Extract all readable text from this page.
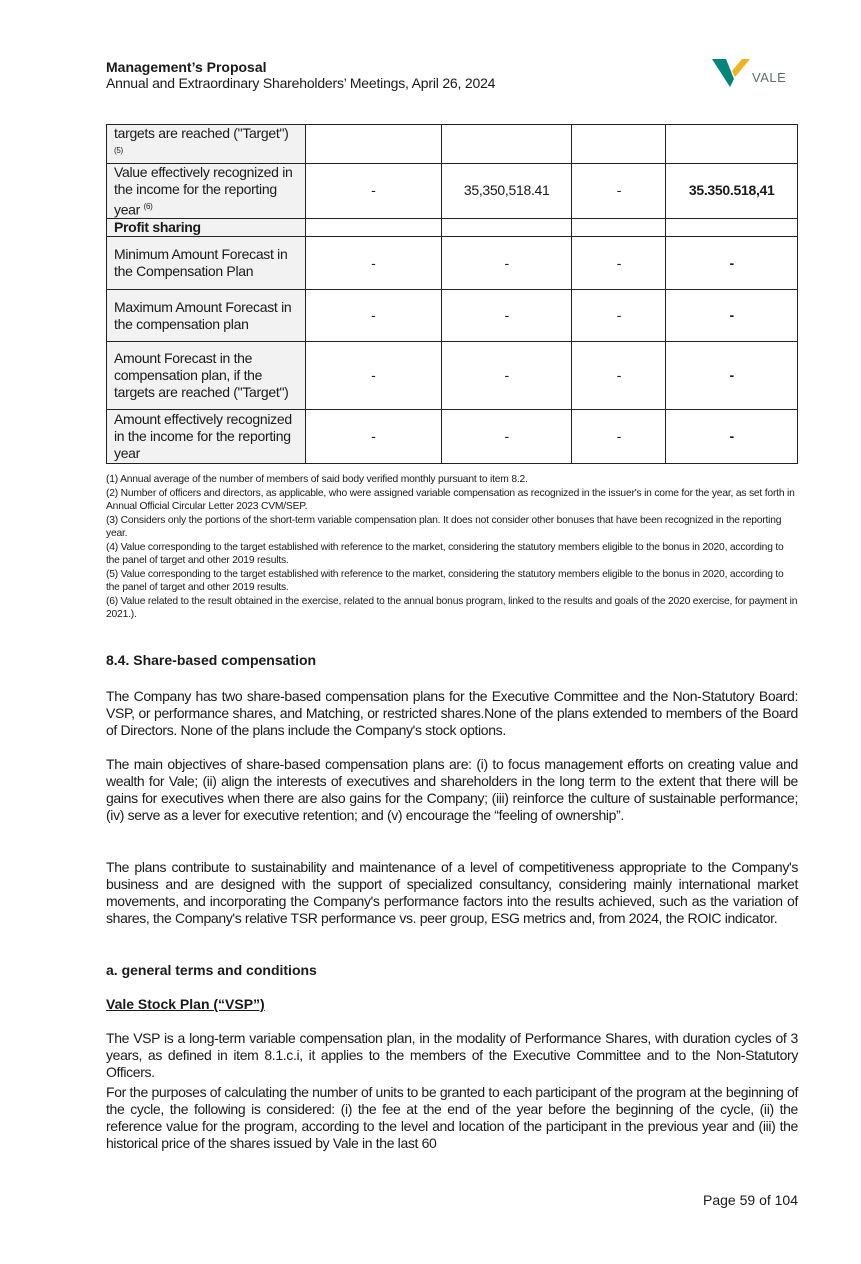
Management’s Proposal
Annual and Extraordinary Shareholders’ Meetings, April 26, 2024	VALE
targets are reached ("Target") $^{(5)}$				
Value effectively recognized in the income for the reporting year $^{(6)}$	-	35,350,518.41	-	35.350.518,41
Profit sharing				
Minimum Amount Forecast in the Compensation Plan	-	-	-	-
Maximum Amount Forecast in the compensation plan	-	-	-	-
Amount Forecast in the compensation plan, if the targets are reached ("Target")	-	-	-	-
Amount effectively recognized in the income for the reporting year	-	-	-	-
(1) Annual average of the number of members of said body verified monthly pursuant to item 8.2.
(2) Number of officers and directors, as applicable, who were assigned variable compensation as recognized in the issuer's in come for the year, as set forth in Annual Official Circular Letter 2023 CVM/SEP.
(3) Considers only the portions of the short-term variable compensation plan. It does not consider other bonuses that have been recognized in the reporting year.
(4) Value corresponding to the target established with reference to the market, considering the statutory members eligible to the bonus in 2020, according to the panel of target and other 2019 results.
(5) Value corresponding to the target established with reference to the market, considering the statutory members eligible to the bonus in 2020, according to the panel of target and other 2019 results.
(6) Value related to the result obtained in the exercise, related to the annual bonus program, linked to the results and goals of the 2020 exercise, for payment in 2021.).
8.4. Share-based compensation
The Company has two share-based compensation plans for the Executive Committee and the Non-Statutory Board: VSP, or performance shares, and Matching, or restricted shares.None of the plans extended to members of the Board of Directors. None of the plans include the Company's stock options.
The main objectives of share-based compensation plans are: (i) to focus management efforts on creating value and wealth for Vale; (ii) align the interests of executives and shareholders in the long term to the extent that there will be gains for executives when there are also gains for the Company; (iii) reinforce the culture of sustainable performance; (iv) serve as a lever for executive retention; and (v) encourage the “feeling of ownership”.
The plans contribute to sustainability and maintenance of a level of competitiveness appropriate to the Company's business and are designed with the support of specialized consultancy, considering mainly international market movements, and incorporating the Company's performance factors into the results achieved, such as the variation of shares, the Company's relative TSR performance vs. peer group, ESG metrics and, from 2024, the ROIC indicator.
a. general terms and conditions
Vale Stock Plan (“VSP”)
The VSP is a long-term variable compensation plan, in the modality of Performance Shares, with duration cycles of 3 years, as defined in item 8.1.c.i, it applies to the members of the Executive Committee and to the Non-Statutory Officers.
For the purposes of calculating the number of units to be granted to each participant of the program at the beginning of the cycle, the following is considered: (i) the fee at the end of the year before the beginning of the cycle, (ii) the reference value for the program, according to the level and location of the participant in the previous year and (iii) the historical price of the shares issued by Vale in the last 60
Page 59 of 104
